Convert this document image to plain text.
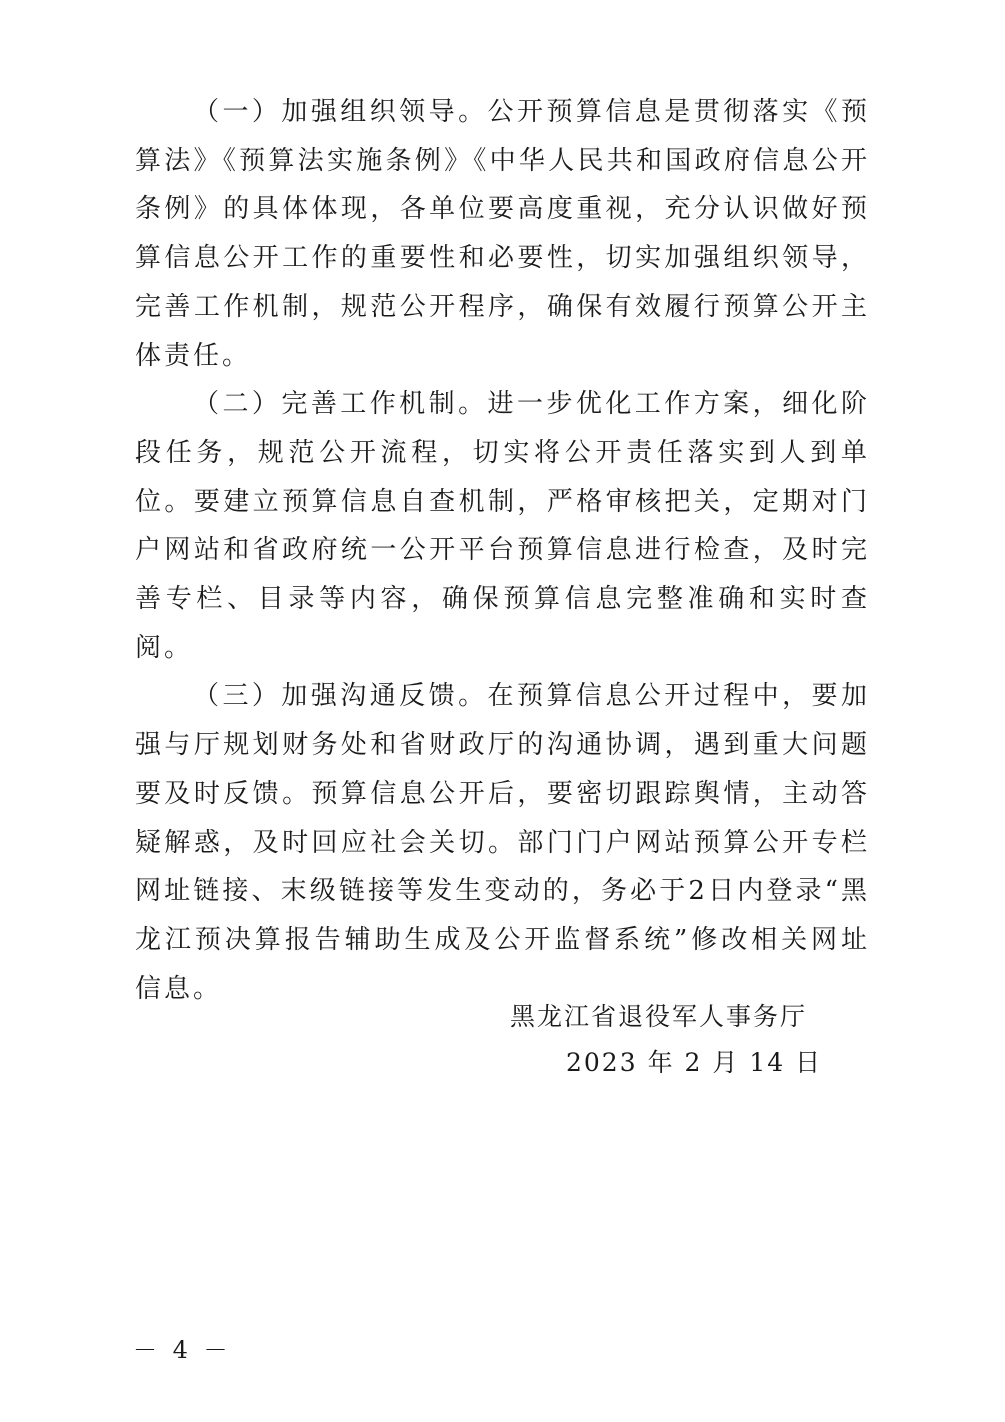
（一）加强组织领导。公开预算信息是贯彻落实《预算法》《预算法实施条例》《中华人民共和国政府信息公开条例》的具体体现，各单位要高度重视，充分认识做好预算信息公开工作的重要性和必要性，切实加强组织领导，完善工作机制，规范公开程序，确保有效履行预算公开主体责任。

（二）完善工作机制。进一步优化工作方案，细化阶段任务，规范公开流程，切实将公开责任落实到人到单位。要建立预算信息自查机制，严格审核把关，定期对门户网站和省政府统一公开平台预算信息进行检查，及时完善专栏、目录等内容，确保预算信息完整准确和实时查阅。

（三）加强沟通反馈。在预算信息公开过程中，要加强与厅规划财务处和省财政厅的沟通协调，遇到重大问题要及时反馈。预算信息公开后，要密切跟踪舆情，主动答疑解惑，及时回应社会关切。部门门户网站预算公开专栏网址链接、末级链接等发生变动的，务必于2日内登录“黑龙江预决算报告辅助生成及公开监督系统”修改相关网址信息。

黑龙江省退役军人事务厅
2023 年 2 月 14 日
－ 4 －
